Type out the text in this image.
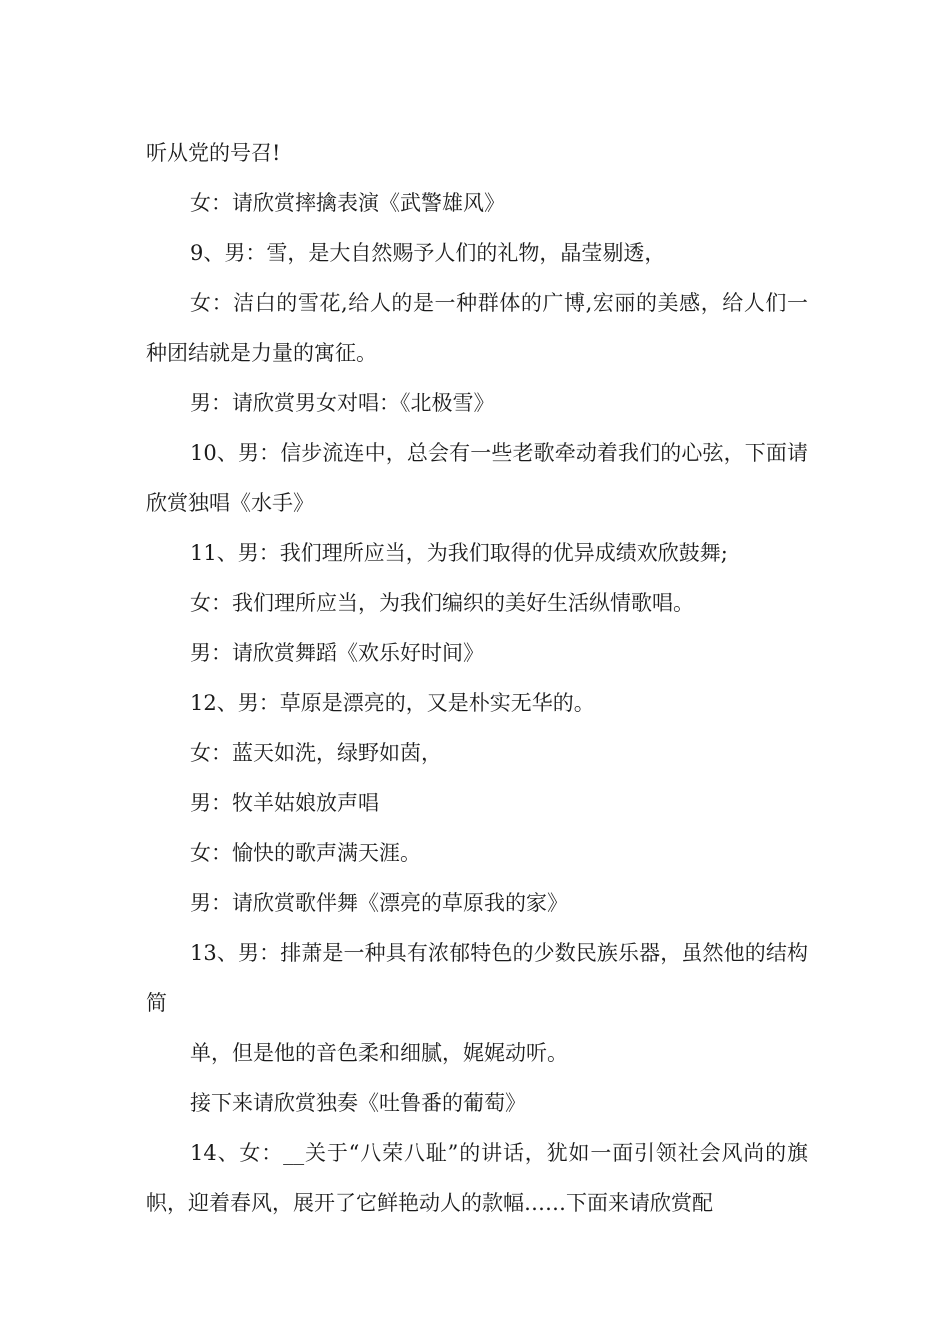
听从党的号召!

女：请欣赏摔擒表演《武警雄风》

9、男：雪，是大自然赐予人们的礼物，晶莹剔透，

女：洁白的雪花,给人的是一种群体的广博,宏丽的美感，给人们一种团结就是力量的寓征。

男：请欣赏男女对唱：《北极雪》

10、男：信步流连中，总会有一些老歌牵动着我们的心弦，下面请欣赏独唱《水手》

11、男：我们理所应当，为我们取得的优异成绩欢欣鼓舞;

女：我们理所应当，为我们编织的美好生活纵情歌唱。

男：请欣赏舞蹈《欢乐好时间》

12、男：草原是漂亮的，又是朴实无华的。

女：蓝天如洗，绿野如茵，

男：牧羊姑娘放声唱

女：愉快的歌声满天涯。

男：请欣赏歌伴舞《漂亮的草原我的家》

13、男：排萧是一种具有浓郁特色的少数民族乐器，虽然他的结构简

单，但是他的音色柔和细腻，娓娓动听。

接下来请欣赏独奏《吐鲁番的葡萄》

14、女：__关于“八荣八耻”的讲话，犹如一面引领社会风尚的旗帜，迎着春风，展开了它鲜艳动人的款幅……下面来请欣赏配
